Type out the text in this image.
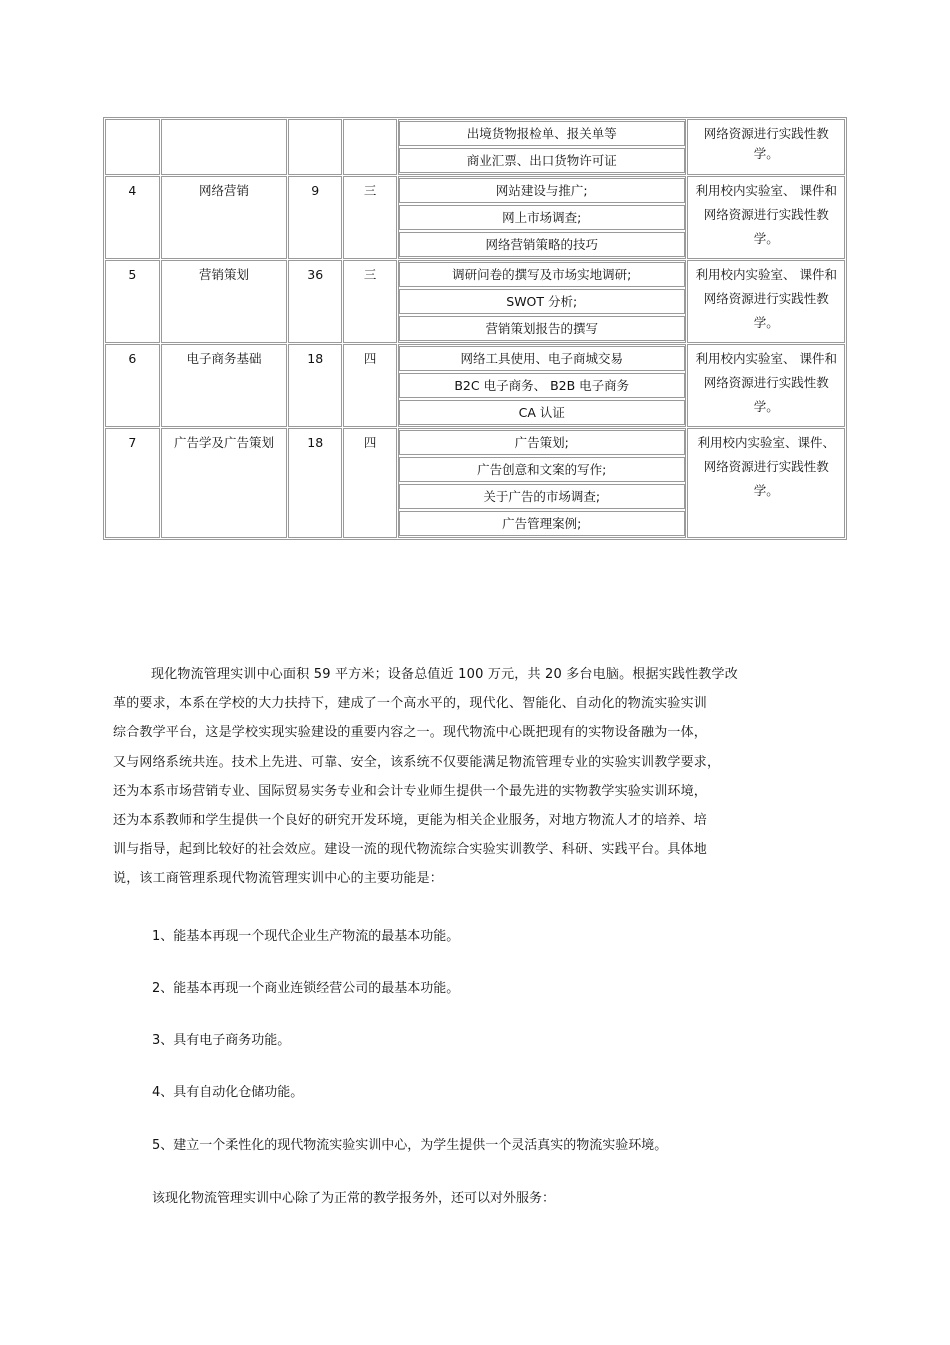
				出境货物报检单、报关单等
商业汇票、出口货物许可证	网络资源进行实践性教
学。

4	网络营销	9	三	网站建设与推广;
网上市场调查;
网络营销策略的技巧	利用校内实验室、 课件和
网络资源进行实践性教
学。

5	营销策划	36	三	调研问卷的撰写及市场实地调研;
SWOT 分析;
营销策划报告的撰写	利用校内实验室、 课件和
网络资源进行实践性教
学。

6	电子商务基础	18	四	网络工具使用、电子商城交易
B2C 电子商务、 B2B 电子商务
CA 认证	利用校内实验室、 课件和
网络资源进行实践性教
学。

7	广告学及广告策划	18	四	广告策划;
广告创意和文案的写作;
关于广告的市场调查;
广告管理案例;	利用校内实验室、课件、
网络资源进行实践性教
学。
现化物流管理实训中心面积 59 平方米；设备总值近 100 万元，共 20 多台电脑。根据实践性教学改
革的要求，本系在学校的大力扶持下，建成了一个高水平的，现代化、智能化、自动化的物流实验实训
综合教学平台，这是学校实现实验建设的重要内容之一。现代物流中心既把现有的实物设备融为一体，
又与网络系统共连。技术上先进、可靠、安全，该系统不仅要能满足物流管理专业的实验实训教学要求，
还为本系市场营销专业、国际贸易实务专业和会计专业师生提供一个最先进的实物教学实验实训环境，
还为本系教师和学生提供一个良好的研究开发环境，更能为相关企业服务，对地方物流人才的培养、培
训与指导，起到比较好的社会效应。建设一流的现代物流综合实验实训教学、科研、实践平台。具体地
说，该工商管理系现代物流管理实训中心的主要功能是：
1、能基本再现一个现代企业生产物流的最基本功能。
2、能基本再现一个商业连锁经营公司的最基本功能。
3、具有电子商务功能。
4、具有自动化仓储功能。
5、建立一个柔性化的现代物流实验实训中心，为学生提供一个灵活真实的物流实验环境。
该现化物流管理实训中心除了为正常的教学报务外，还可以对外服务：
